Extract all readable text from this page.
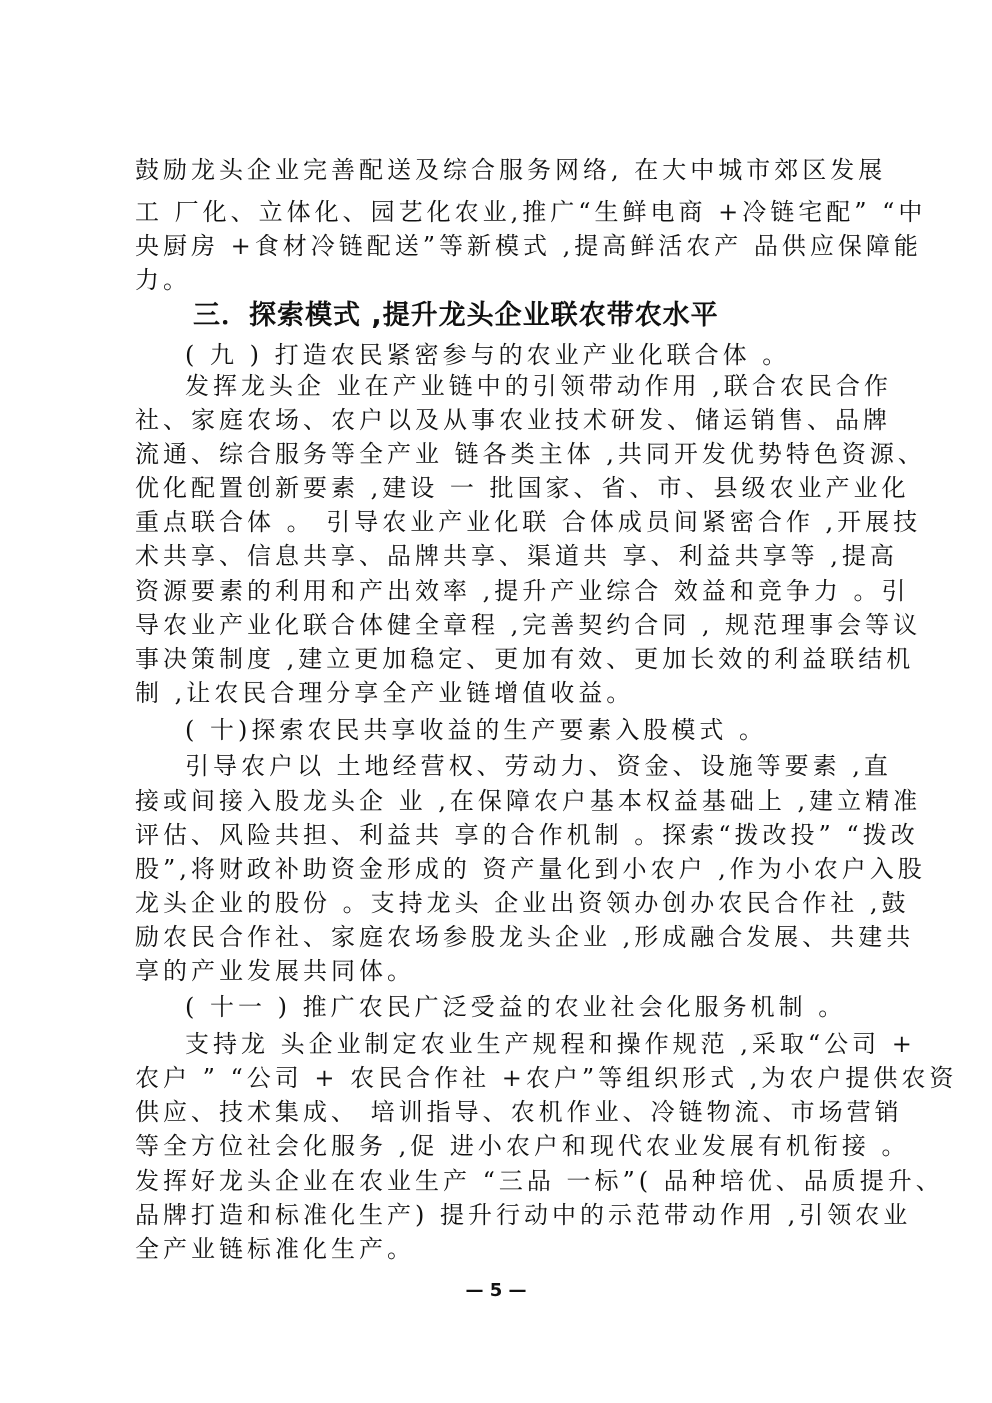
鼓励龙头企业完善配送及综合服务网络, 在大中城市郊区发展
工 厂化、立体化、园艺化农业,推广“生鲜电商 +冷链宅配” “中
央厨房 +食材冷链配送”等新模式 ,提高鲜活农产 品供应保障能
力。
三．探索模式 ,提升龙头企业联农带农水平
( 九 ) 打造农民紧密参与的农业产业化联合体 。
发挥龙头企 业在产业链中的引领带动作用 ,联合农民合作
社、家庭农场、农户以及从事农业技术研发、储运销售、品牌
流通、综合服务等全产业 链各类主体 ,共同开发优势特色资源、
优化配置创新要素 ,建设 一 批国家、省、市、县级农业产业化
重点联合体 。 引导农业产业化联 合体成员间紧密合作 ,开展技
术共享、信息共享、品牌共享、渠道共 享、利益共享等 ,提高
资源要素的利用和产出效率 ,提升产业综合 效益和竞争力 。引
导农业产业化联合体健全章程 ,完善契约合同 , 规范理事会等议
事决策制度 ,建立更加稳定、更加有效、更加长效的利益联结机
制 ,让农民合理分享全产业链增值收益。
( 十)探索农民共享收益的生产要素入股模式 。
引导农户以 土地经营权、劳动力、资金、设施等要素 ,直
接或间接入股龙头企 业 ,在保障农户基本权益基础上 ,建立精准
评估、风险共担、利益共 享的合作机制 。探索“拨改投” “拨改
股”,将财政补助资金形成的 资产量化到小农户 ,作为小农户入股
龙头企业的股份 。支持龙头 企业出资领办创办农民合作社 ,鼓
励农民合作社、家庭农场参股龙头企业 ,形成融合发展、共建共
享的产业发展共同体。
( 十一 ) 推广农民广泛受益的农业社会化服务机制 。
支持龙 头企业制定农业生产规程和操作规范 ,采取“公司 +
农户 ” “公司 + 农民合作社 +农户”等组织形式 ,为农户提供农资
供应、技术集成、 培训指导、农机作业、冷链物流、市场营销
等全方位社会化服务 ,促 进小农户和现代农业发展有机衔接 。
发挥好龙头企业在农业生产 “三品 一标”( 品种培优、品质提升、
品牌打造和标准化生产) 提升行动中的示范带动作用 ,引领农业
全产业链标准化生产。
— 5 —
